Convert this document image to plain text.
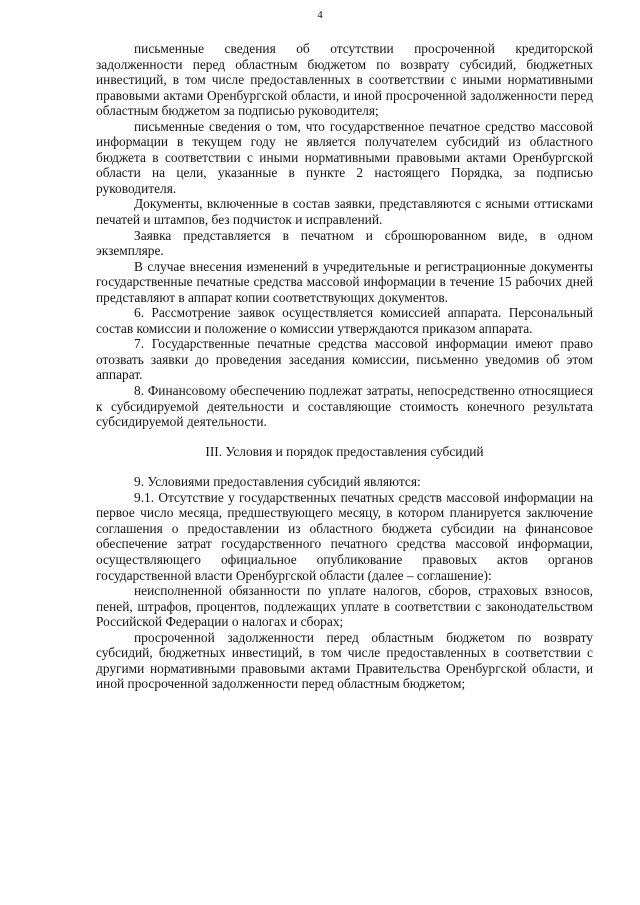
4

письменные сведения об отсутствии просроченной кредиторской задолженности перед областным бюджетом по возврату субсидий, бюджетных инвестиций, в том числе предоставленных в соответствии с иными нормативными правовыми актами Оренбургской области, и иной просроченной задолженности перед областным бюджетом за подписью руководителя;

письменные сведения о том, что государственное печатное средство массовой информации в текущем году не является получателем субсидий из областного бюджета в соответствии с иными нормативными правовыми актами Оренбургской области на цели, указанные в пункте 2 настоящего Порядка, за подписью руководителя.

Документы, включенные в состав заявки, представляются с ясными оттисками печатей и штампов, без подчисток и исправлений.

Заявка представляется в печатном и сброшюрованном виде, в одном экземпляре.

В случае внесения изменений в учредительные и регистрационные документы государственные печатные средства массовой информации в течение 15 рабочих дней представляют в аппарат копии соответствующих документов.

6. Рассмотрение заявок осуществляется комиссией аппарата. Персональный состав комиссии и положение о комиссии утверждаются приказом аппарата.

7. Государственные печатные средства массовой информации имеют право отозвать заявки до проведения заседания комиссии, письменно уведомив об этом аппарат.

8. Финансовому обеспечению подлежат затраты, непосредственно относящиеся к субсидируемой деятельности и составляющие стоимость конечного результата субсидируемой деятельности.

III. Условия и порядок предоставления субсидий

9. Условиями предоставления субсидий являются:

9.1. Отсутствие у государственных печатных средств массовой информации на первое число месяца, предшествующего месяцу, в котором планируется заключение соглашения о предоставлении из областного бюджета субсидии на финансовое обеспечение затрат государственного печатного средства массовой информации, осуществляющего официальное опубликование правовых актов органов государственной власти Оренбургской области (далее – соглашение):

неисполненной обязанности по уплате налогов, сборов, страховых взносов, пеней, штрафов, процентов, подлежащих уплате в соответствии с законодательством Российской Федерации о налогах и сборах;

просроченной задолженности перед областным бюджетом по возврату субсидий, бюджетных инвестиций, в том числе предоставленных в соответствии с другими нормативными правовыми актами Правительства Оренбургской области, и иной просроченной задолженности перед областным бюджетом;
